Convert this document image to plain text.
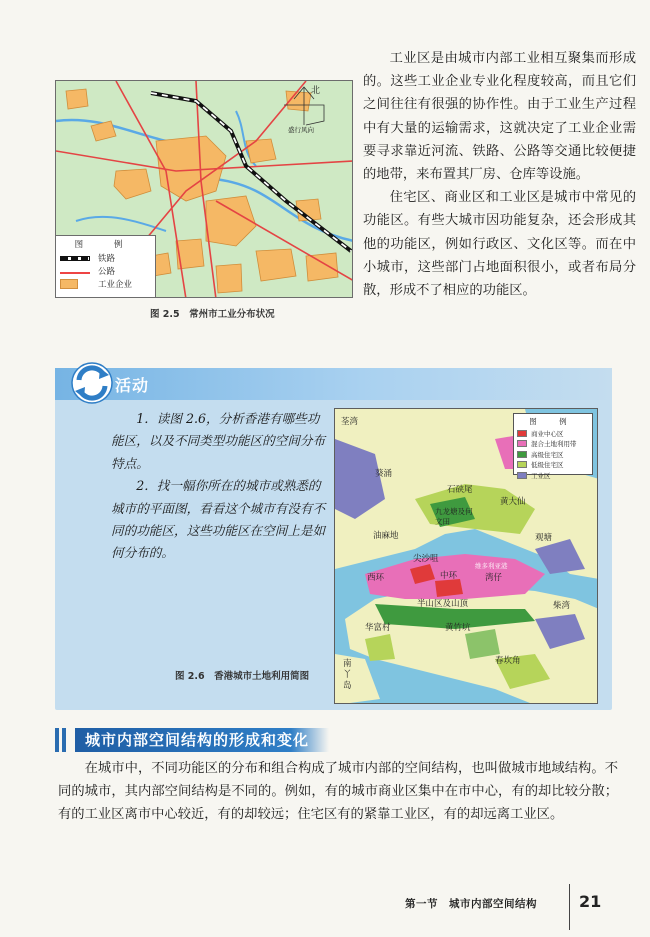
北
盛行风向
图 例
铁路
公路
工业企业
图 2.5　常州市工业分布状况

工业区是由城市内部工业相互聚集而形成的。这些工业企业专业化程度较高，而且它们之间往往有很强的协作性。由于工业生产过程中有大量的运输需求，这就决定了工业企业需要寻求靠近河流、铁路、公路等交通比较便捷的地带，来布置其厂房、仓库等设施。

住宅区、商业区和工业区是城市中常见的功能区。有些大城市因功能复杂，还会形成其他的功能区，例如行政区、文化区等。而在中小城市，这些部门占地面积很小，或者布局分散，形成不了相应的功能区。

活动

1．读图 2.6，分析香港有哪些功能区，以及不同类型功能区的空间分布特点。

2．找一幅你所在的城市或熟悉的城市的平面图，看看这个城市有没有不同的功能区，这些功能区在空间上是如何分布的。

图 2.6　香港城市土地利用简图
图 例
商业中心区
混合土地利用带
高级住宅区
低级住宅区
工业区
荃湾
葵涌
石硖尾
黄大仙
九龙塘及何文田
油麻地	观塘
尖沙咀
维多利亚港
西环	中环	湾仔
半山区及山顶	柴湾
华富村	黄竹坑
南丫岛
春坎角
城市内部空间结构的形成和变化

在城市中，不同功能区的分布和组合构成了城市内部的空间结构，也叫做城市地域结构。不同的城市，其内部空间结构是不同的。例如，有的城市商业区集中在市中心，有的却比较分散；有的工业区离市中心较近，有的却较远；住宅区有的紧靠工业区，有的却远离工业区。

第一节　城市内部空间结构	21
